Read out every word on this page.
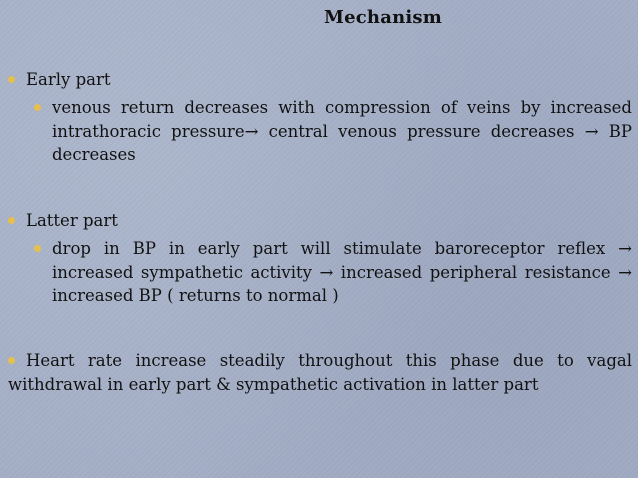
Mechanism
Early part
venous return decreases with compression of veins by increased intrathoracic pressure→ central venous pressure decreases → BP decreases
Latter part
drop in BP in early part will stimulate baroreceptor reflex → increased sympathetic activity → increased peripheral resistance → increased BP ( returns to normal )
Heart rate increase steadily throughout this phase due to vagal withdrawal in early part & sympathetic activation in latter part
